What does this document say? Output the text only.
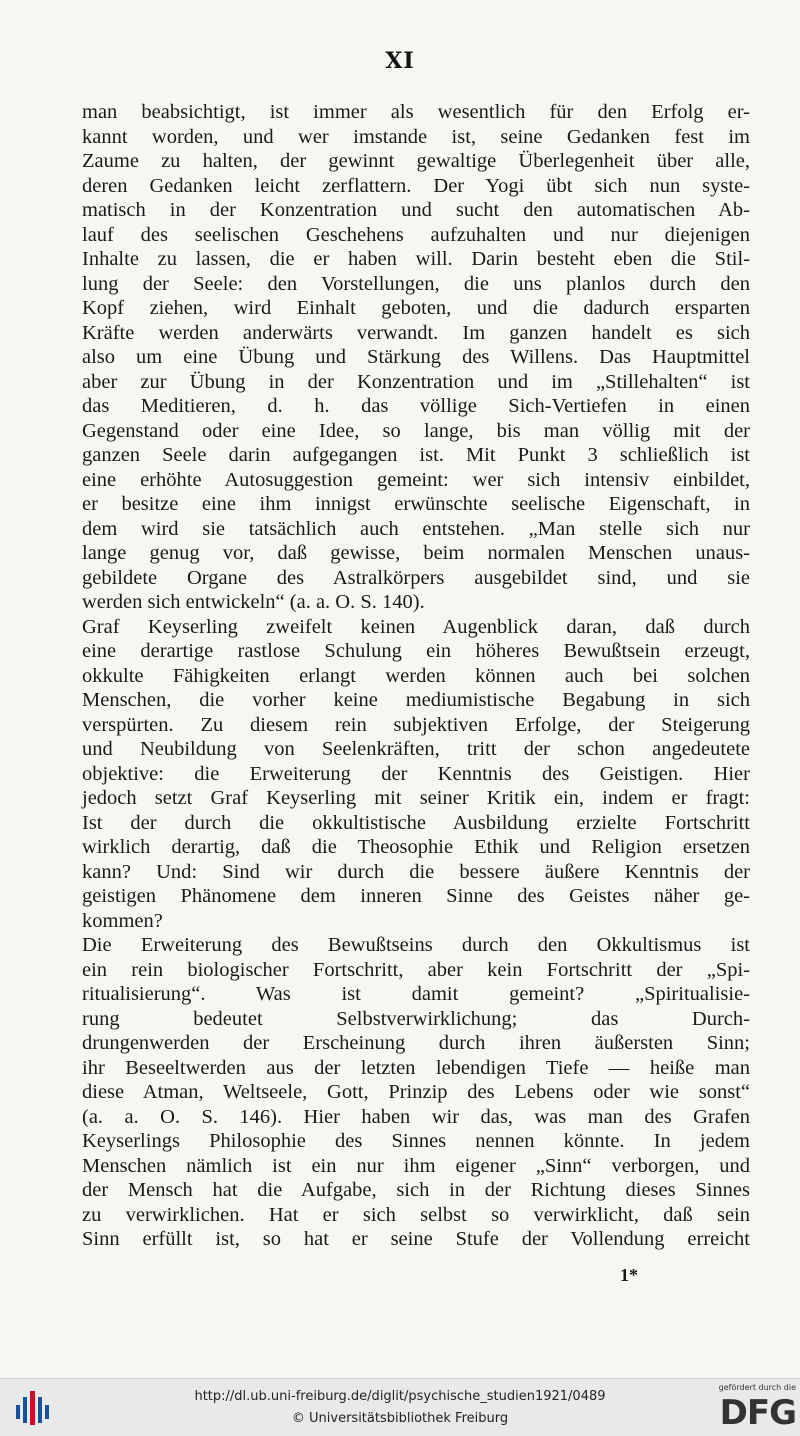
XI
man beabsichtigt, ist immer als wesentlich für den Erfolg er-
kannt worden, und wer imstande ist, seine Gedanken fest im
Zaume zu halten, der gewinnt gewaltige Überlegenheit über alle,
deren Gedanken leicht zerflattern. Der Yogi übt sich nun syste-
matisch in der Konzentration und sucht den automatischen Ab-
lauf des seelischen Geschehens aufzuhalten und nur diejenigen
Inhalte zu lassen, die er haben will. Darin besteht eben die Stil-
lung der Seele: den Vorstellungen, die uns planlos durch den
Kopf ziehen, wird Einhalt geboten, und die dadurch ersparten
Kräfte werden anderwärts verwandt. Im ganzen handelt es sich
also um eine Übung und Stärkung des Willens. Das Hauptmittel
aber zur Übung in der Konzentration und im „Stillehalten“ ist
das Meditieren, d. h. das völlige Sich-Vertiefen in einen
Gegenstand oder eine Idee, so lange, bis man völlig mit der
ganzen Seele darin aufgegangen ist. Mit Punkt 3 schließlich ist
eine erhöhte Autosuggestion gemeint: wer sich intensiv einbildet,
er besitze eine ihm innigst erwünschte seelische Eigenschaft, in
dem wird sie tatsächlich auch entstehen. „Man stelle sich nur
lange genug vor, daß gewisse, beim normalen Menschen unaus-
gebildete Organe des Astralkörpers ausgebildet sind, und sie
werden sich entwickeln“ (a. a. O. S. 140).
Graf Keyserling zweifelt keinen Augenblick daran, daß durch
eine derartige rastlose Schulung ein höheres Bewußtsein erzeugt,
okkulte Fähigkeiten erlangt werden können auch bei solchen
Menschen, die vorher keine mediumistische Begabung in sich
verspürten. Zu diesem rein subjektiven Erfolge, der Steigerung
und Neubildung von Seelenkräften, tritt der schon angedeutete
objektive: die Erweiterung der Kenntnis des Geistigen. Hier
jedoch setzt Graf Keyserling mit seiner Kritik ein, indem er fragt:
Ist der durch die okkultistische Ausbildung erzielte Fortschritt
wirklich derartig, daß die Theosophie Ethik und Religion ersetzen
kann? Und: Sind wir durch die bessere äußere Kenntnis der
geistigen Phänomene dem inneren Sinne des Geistes näher ge-
kommen?
Die Erweiterung des Bewußtseins durch den Okkultismus ist
ein rein biologischer Fortschritt, aber kein Fortschritt der „Spi-
ritualisierung“. Was ist damit gemeint? „Spiritualisie-
rung bedeutet Selbstverwirklichung; das Durch-
drungenwerden der Erscheinung durch ihren äußersten Sinn;
ihr Beseeltwerden aus der letzten lebendigen Tiefe — heiße man
diese Atman, Weltseele, Gott, Prinzip des Lebens oder wie sonst“
(a. a. O. S. 146). Hier haben wir das, was man des Grafen
Keyserlings Philosophie des Sinnes nennen könnte. In jedem
Menschen nämlich ist ein nur ihm eigener „Sinn“ verborgen, und
der Mensch hat die Aufgabe, sich in der Richtung dieses Sinnes
zu verwirklichen. Hat er sich selbst so verwirklicht, daß sein
Sinn erfüllt ist, so hat er seine Stufe der Vollendung erreicht
1*
http://dl.ub.uni-freiburg.de/diglit/psychische_studien1921/0489
© Universitätsbibliothek Freiburg
gefördert durch die
DFG
